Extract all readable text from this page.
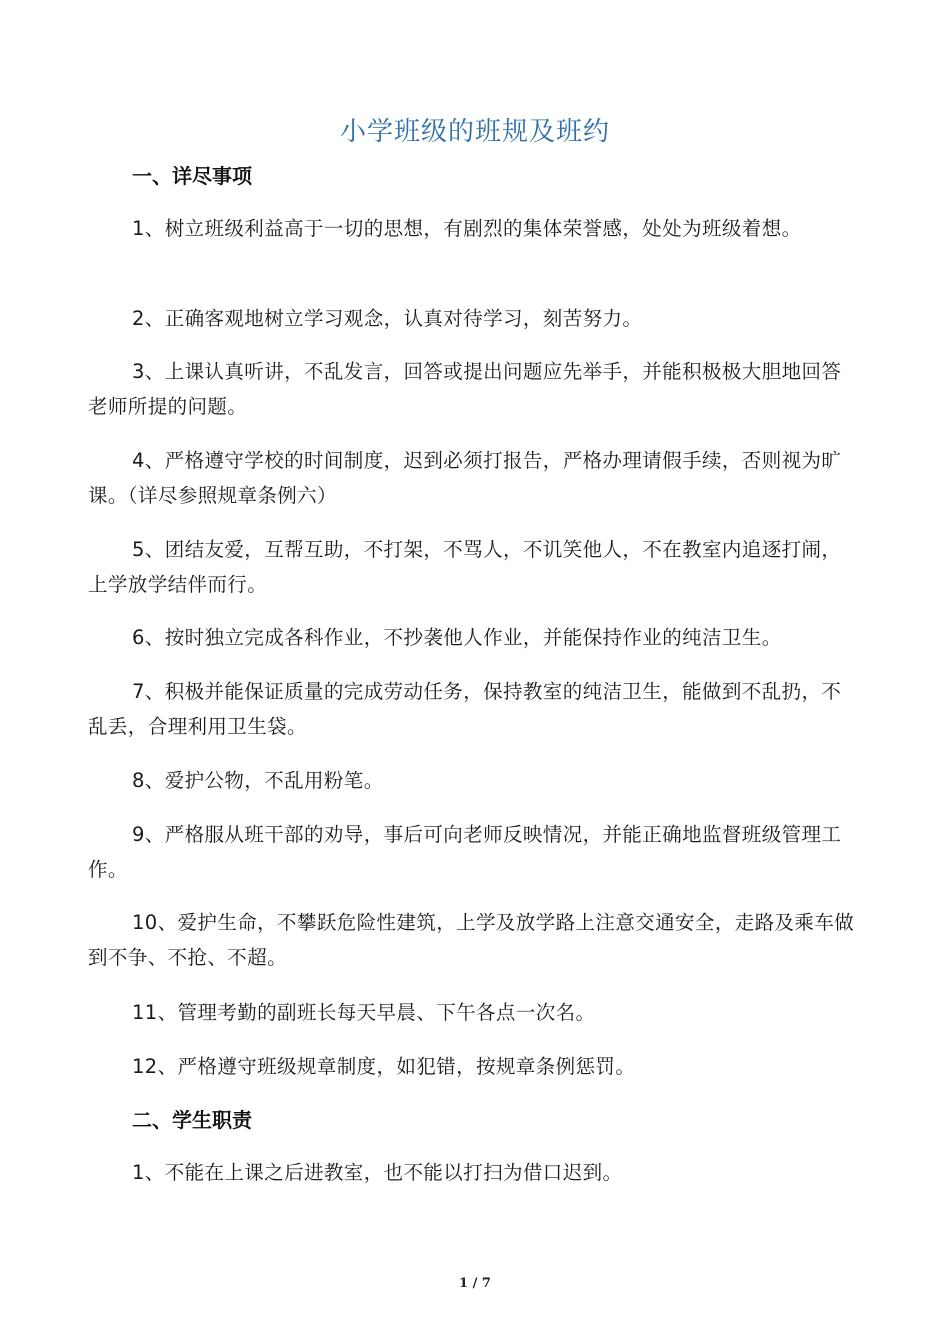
小学班级的班规及班约
一、详尽事项
1、树立班级利益高于一切的思想，有剧烈的集体荣誉感，处处为班级着想。
2、正确客观地树立学习观念，认真对待学习，刻苦努力。
3、上课认真听讲，不乱发言，回答或提出问题应先举手，并能积极极大胆地回答老师所提的问题。
4、严格遵守学校的时间制度，迟到必须打报告，严格办理请假手续，否则视为旷课。（详尽参照规章条例六）
5、团结友爱，互帮互助，不打架，不骂人，不讥笑他人，不在教室内追逐打闹，上学放学结伴而行。
6、按时独立完成各科作业，不抄袭他人作业，并能保持作业的纯洁卫生。
7、积极并能保证质量的完成劳动任务，保持教室的纯洁卫生，能做到不乱扔，不乱丢，合理利用卫生袋。
8、爱护公物，不乱用粉笔。
9、严格服从班干部的劝导，事后可向老师反映情况，并能正确地监督班级管理工作。
10、爱护生命，不攀跃危险性建筑，上学及放学路上注意交通安全，走路及乘车做到不争、不抢、不超。
11、管理考勤的副班长每天早晨、下午各点一次名。
12、严格遵守班级规章制度，如犯错，按规章条例惩罚。
二、学生职责
1、不能在上课之后进教室，也不能以打扫为借口迟到。
1 / 7
